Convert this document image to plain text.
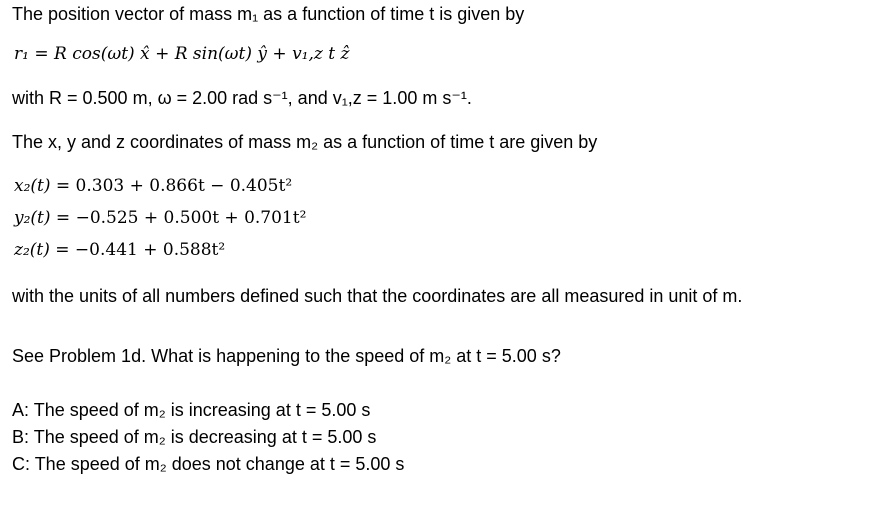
The position vector of mass m₁ as a function of time t is given by
r₁ = R cos(ωt) x̂ + R sin(ωt) ŷ + v₁,z t ẑ
with R = 0.500 m, ω = 2.00 rad s⁻¹, and v₁,z = 1.00 m s⁻¹.
The x, y and z coordinates of mass m₂ as a function of time t are given by
x₂(t) = 0.303 + 0.866t − 0.405t²
y₂(t) = −0.525 + 0.500t + 0.701t²
z₂(t) = −0.441 + 0.588t²
with the units of all numbers defined such that the coordinates are all measured in unit of m.
See Problem 1d. What is happening to the speed of m₂ at t = 5.00 s?
A: The speed of m₂ is increasing at t = 5.00 s
B: The speed of m₂ is decreasing at t = 5.00 s
C: The speed of m₂ does not change at t = 5.00 s
